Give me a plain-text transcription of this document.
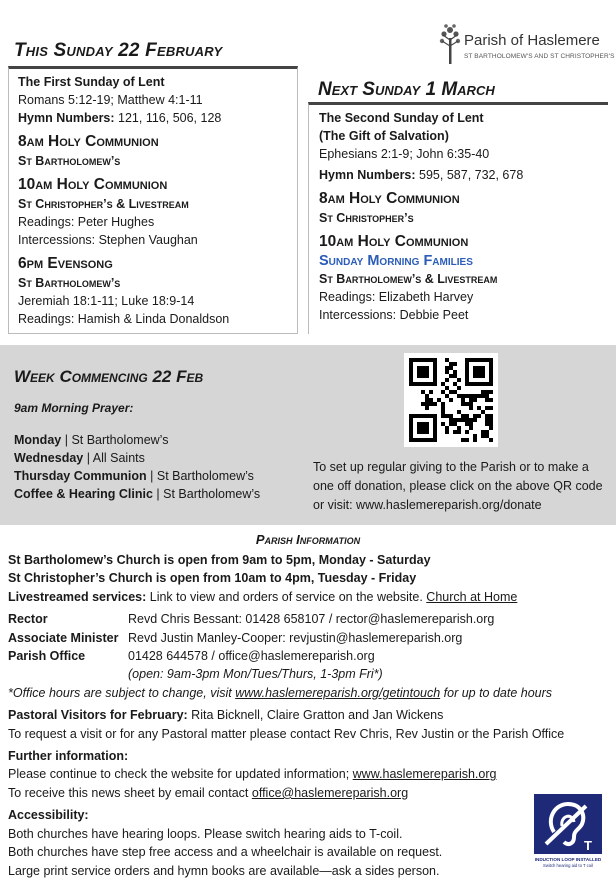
Parish of Haslemere
ST BARTHOLOMEW'S AND ST CHRISTOPHER'S
This Sunday 22 February
The First Sunday of Lent
Romans 5:12-19; Matthew 4:1-11
Hymn Numbers: 121, 116, 506, 128
8am Holy Communion
St Bartholomew’s
10am Holy Communion
St Christopher’s & Livestream
Readings: Peter Hughes
Intercessions: Stephen Vaughan
6pm Evensong
St Bartholomew’s
Jeremiah 18:1-11; Luke 18:9-14
Readings: Hamish & Linda Donaldson
Next Sunday 1 March
The Second Sunday of Lent
(The Gift of Salvation)
Ephesians 2:1-9; John 6:35-40
Hymn Numbers: 595, 587, 732, 678
8am Holy Communion
St Christopher’s
10am Holy Communion
Sunday Morning Families
St Bartholomew’s & Livestream
Readings: Elizabeth Harvey
Intercessions: Debbie Peet
Week Commencing 22 Feb
9am Morning Prayer:
Monday | St Bartholomew’s
Wednesday | All Saints
Thursday Communion | St Bartholomew’s
Coffee & Hearing Clinic | St Bartholomew’s
To set up regular giving to the Parish or to make a one off donation, please click on the above QR code or visit: www.haslemereparish.org/donate
Parish Information
St Bartholomew’s Church is open from 9am to 5pm, Monday - Saturday
St Christopher’s Church is open from 10am to 4pm, Tuesday - Friday
Livestreamed services: Link to view and orders of service on the website. Church at Home
Rector	Revd Chris Bessant: 01428 658107 / rector@haslemereparish.org
Associate Minister Revd Justin Manley-Cooper: revjustin@haslemereparish.org
Parish Office	01428 644578 / office@haslemereparish.org
(open: 9am-3pm Mon/Tues/Thurs, 1-3pm Fri*)
*Office hours are subject to change, visit www.haslemereparish.org/getintouch for up to date hours
Pastoral Visitors for February: Rita Bicknell, Claire Gratton and Jan Wickens
To request a visit or for any Pastoral matter please contact Rev Chris, Rev Justin or the Parish Office
Further information:
Please continue to check the website for updated information; www.haslemereparish.org
To receive this news sheet by email contact office@haslemereparish.org
Accessibility:
Both churches have hearing loops. Please switch hearing aids to T-coil.
Both churches have step free access and a wheelchair is available on request.
Large print service orders and hymn books are available—ask a sides person.
T
INDUCTION LOOP INSTALLED
Switch hearing aid to T coil
